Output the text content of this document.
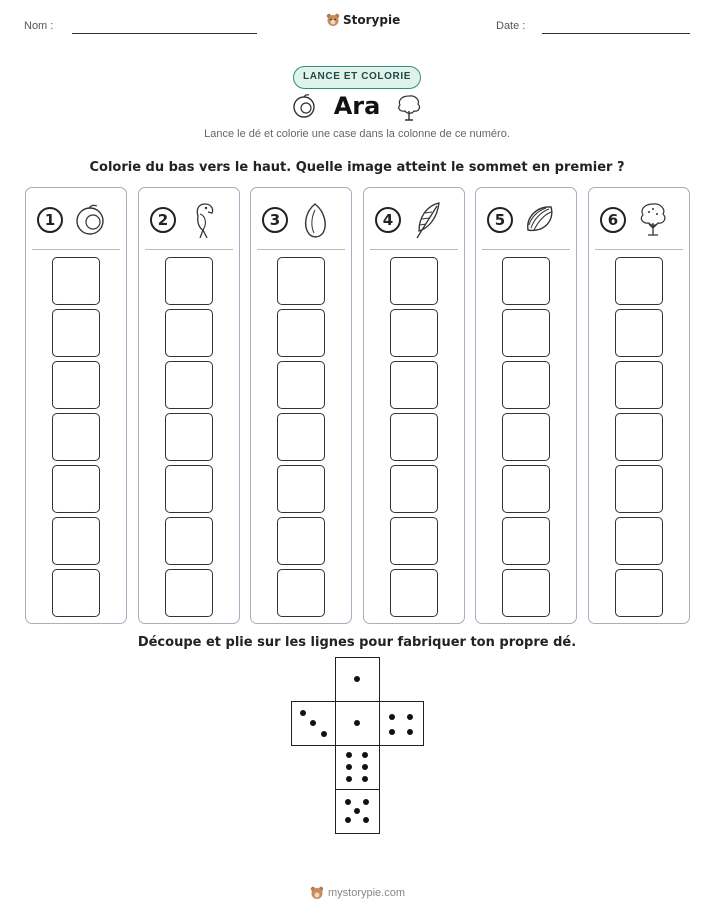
Nom :	Storypie	Date :
LANCE ET COLORIE
Ara
Lance le dé et colorie une case dans la colonne de ce numéro.
Colorie du bas vers le haut. Quelle image atteint le sommet en premier ?
1	2	3	4	5	6
Découpe et plie sur les lignes pour fabriquer ton propre dé.
mystorypie.com
